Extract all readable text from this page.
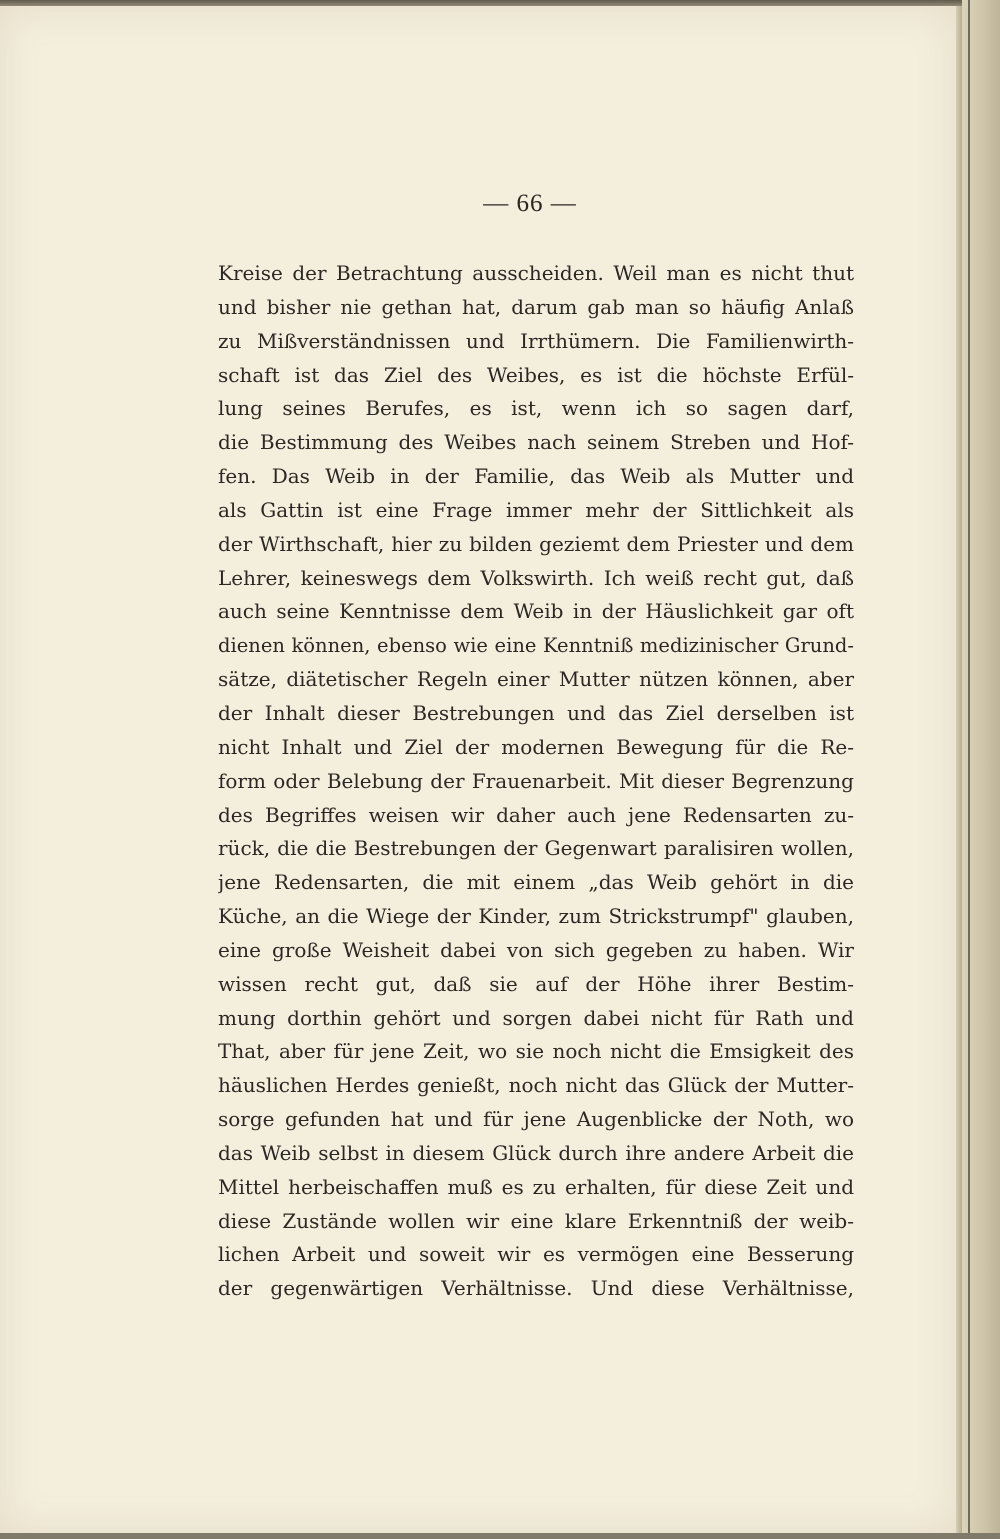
— 66 —
Kreise der Betrachtung ausscheiden. Weil man es nicht thut
und bisher nie gethan hat, darum gab man so häufig Anlaß
zu Mißverständnissen und Irrthümern. Die Familienwirth-
schaft ist das Ziel des Weibes, es ist die höchste Erfül-
lung seines Berufes, es ist, wenn ich so sagen darf,
die Bestimmung des Weibes nach seinem Streben und Hof-
fen. Das Weib in der Familie, das Weib als Mutter und
als Gattin ist eine Frage immer mehr der Sittlichkeit als
der Wirthschaft, hier zu bilden geziemt dem Priester und dem
Lehrer, keineswegs dem Volkswirth. Ich weiß recht gut, daß
auch seine Kenntnisse dem Weib in der Häuslichkeit gar oft
dienen können, ebenso wie eine Kenntniß medizinischer Grund-
sätze, diätetischer Regeln einer Mutter nützen können, aber
der Inhalt dieser Bestrebungen und das Ziel derselben ist
nicht Inhalt und Ziel der modernen Bewegung für die Re-
form oder Belebung der Frauenarbeit. Mit dieser Begrenzung
des Begriffes weisen wir daher auch jene Redensarten zu-
rück, die die Bestrebungen der Gegenwart paralisiren wollen,
jene Redensarten, die mit einem „das Weib gehört in die
Küche, an die Wiege der Kinder, zum Strickstrumpf" glauben,
eine große Weisheit dabei von sich gegeben zu haben. Wir
wissen recht gut, daß sie auf der Höhe ihrer Bestim-
mung dorthin gehört und sorgen dabei nicht für Rath und
That, aber für jene Zeit, wo sie noch nicht die Emsigkeit des
häuslichen Herdes genießt, noch nicht das Glück der Mutter-
sorge gefunden hat und für jene Augenblicke der Noth, wo
das Weib selbst in diesem Glück durch ihre andere Arbeit die
Mittel herbeischaffen muß es zu erhalten, für diese Zeit und
diese Zustände wollen wir eine klare Erkenntniß der weib-
lichen Arbeit und soweit wir es vermögen eine Besserung
der gegenwärtigen Verhältnisse. Und diese Verhältnisse,
